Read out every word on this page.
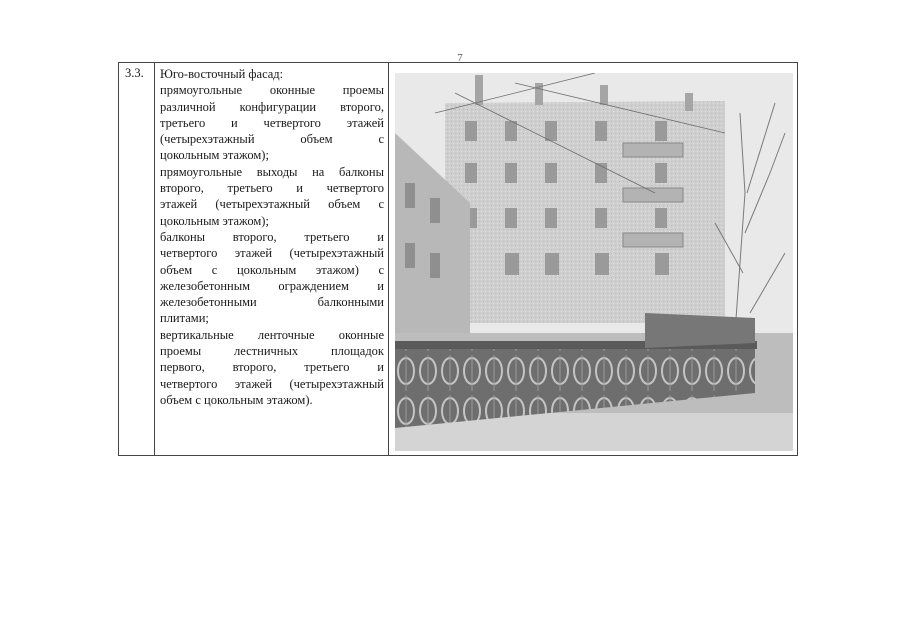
7
3.3.	Юго-восточный фасад:
прямоугольные оконные проемы
различной конфигурации второго,
третьего и четвертого этажей
(четырехэтажный объем с
цокольным этажом);
прямоугольные выходы на балконы
второго, третьего и четвертого
этажей (четырехэтажный объем с
цокольным этажом);
балконы второго, третьего и
четвертого этажей (четырехэтажный
объем с цокольным этажом) с
железобетонным ограждением и
железобетонными балконными
плитами;
вертикальные ленточные оконные
проемы лестничных площадок
первого, второго, третьего и
четвертого этажей (четырехэтажный
объем с цокольным этажом).
